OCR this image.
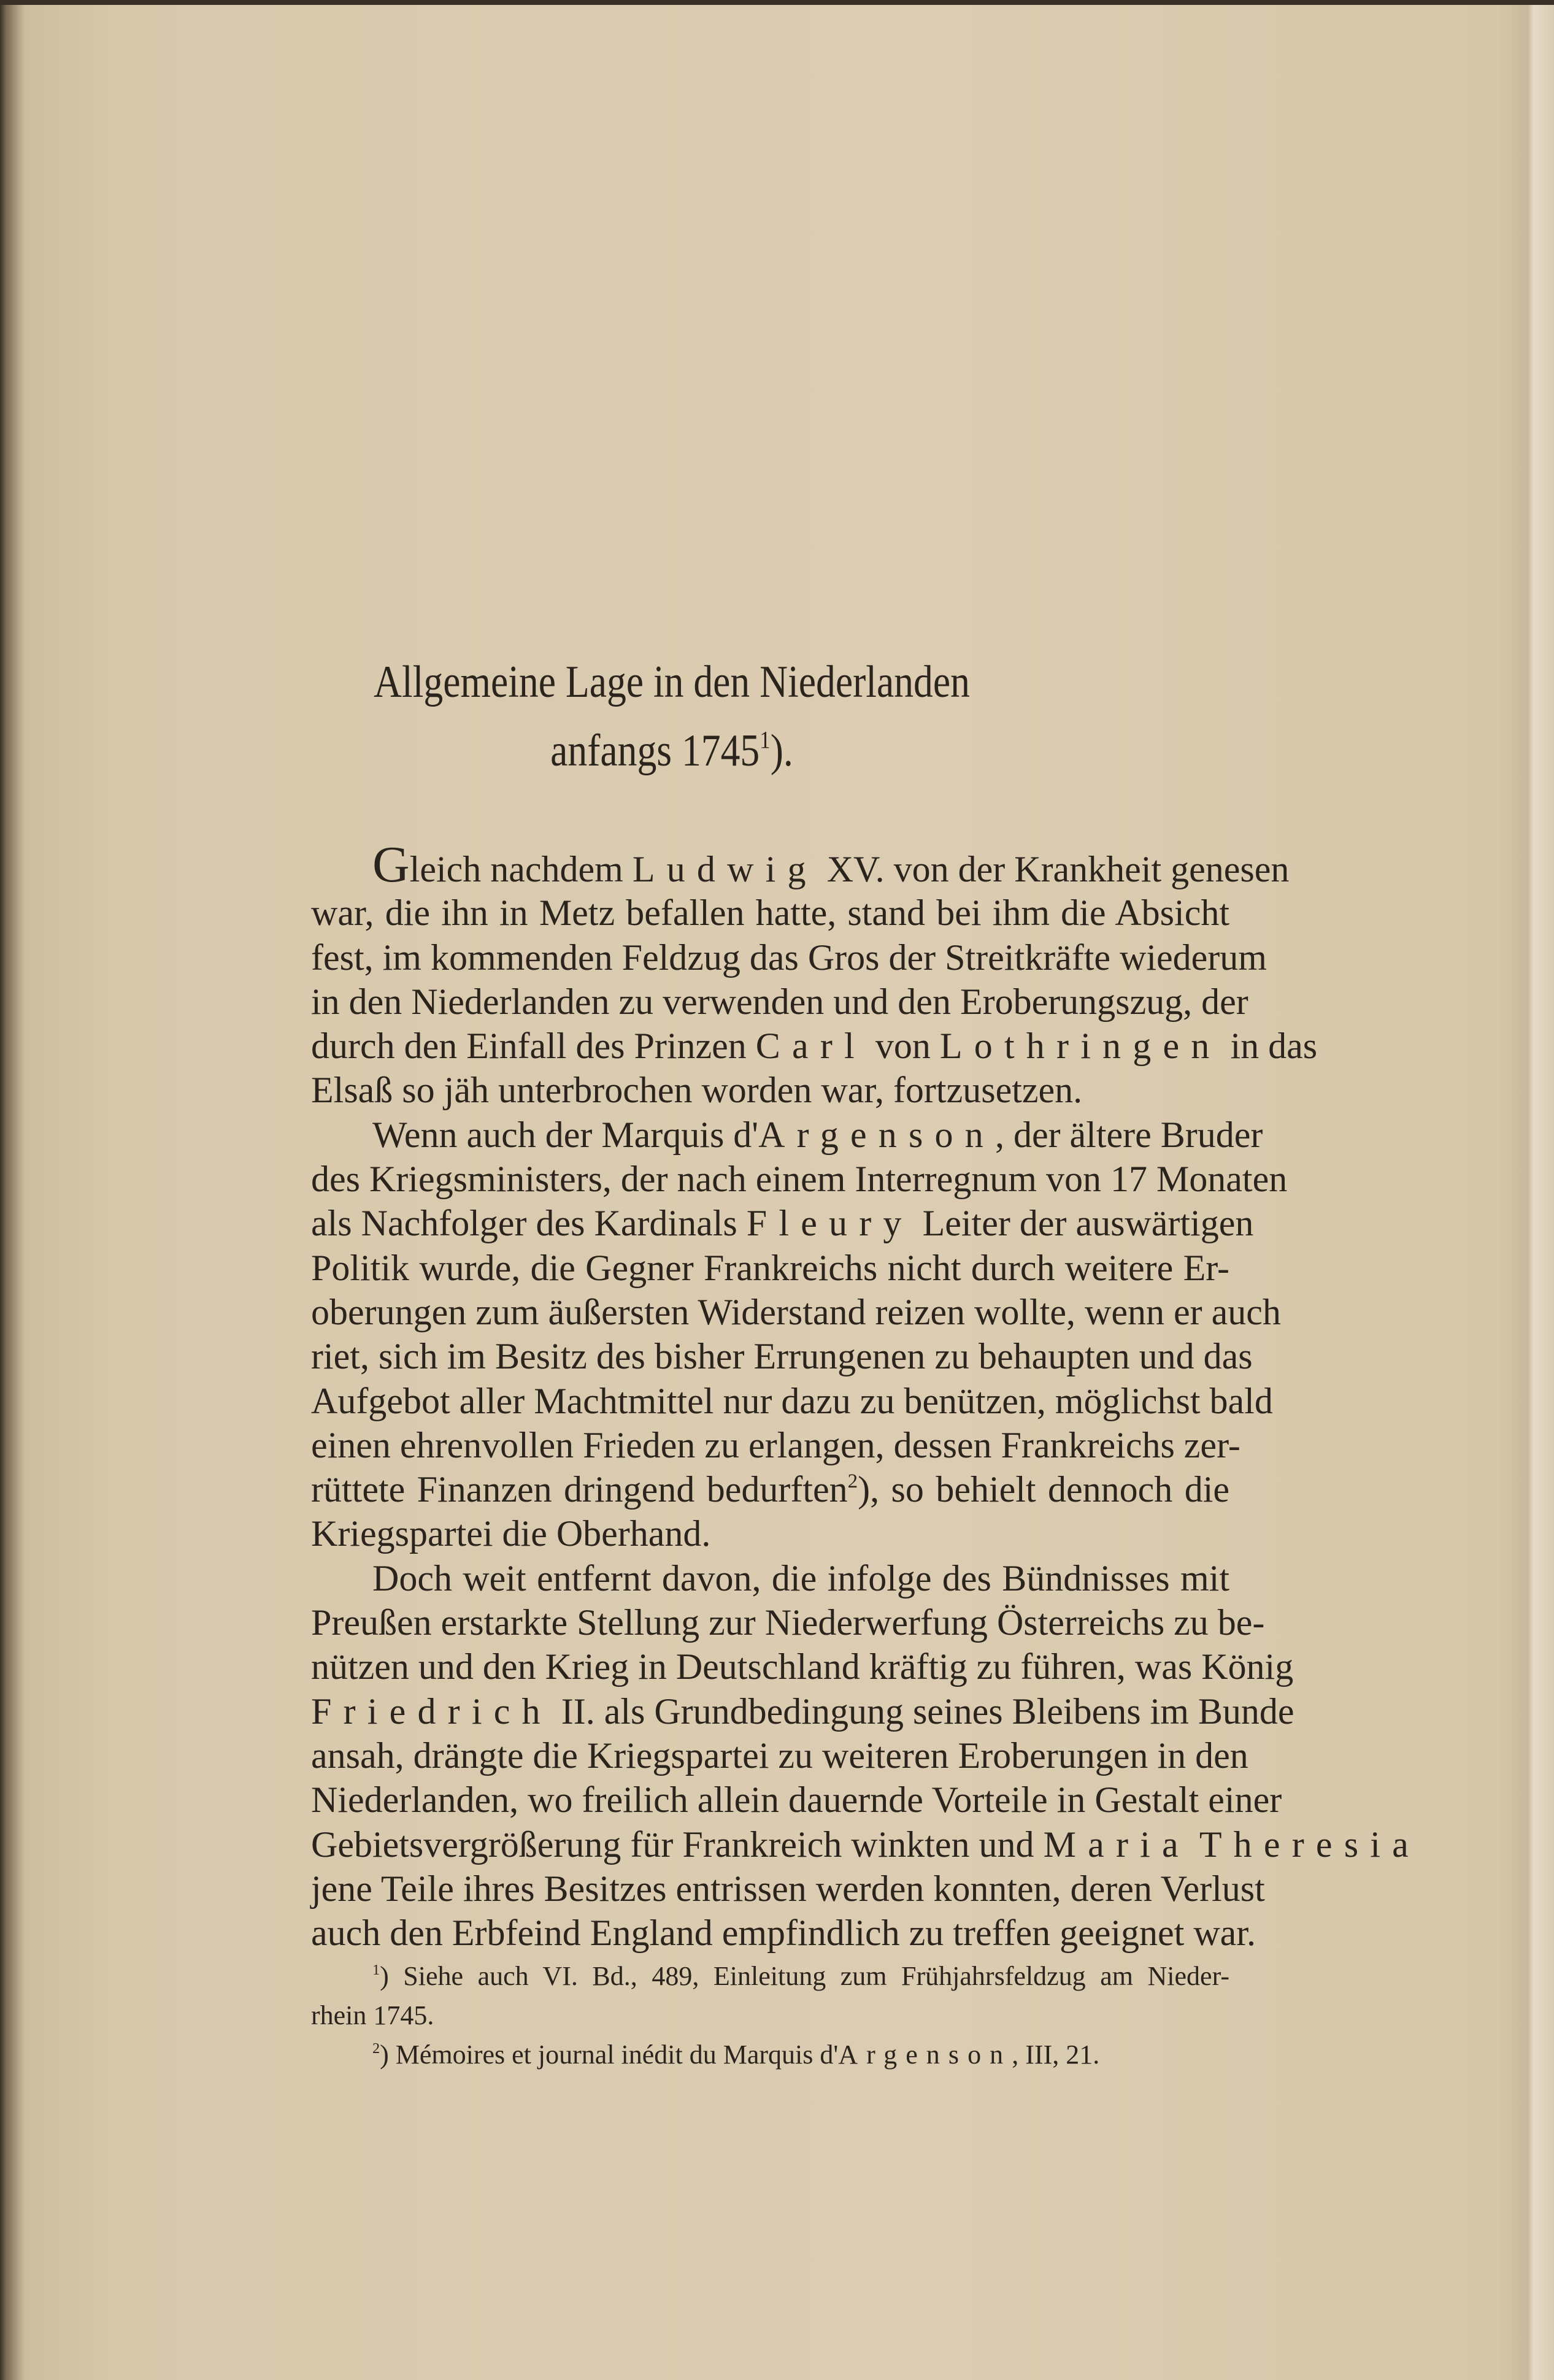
Allgemeine Lage in den Niederlanden
anfangs 1745$^1$).
Gleich nachdem Ludwig XV. von der Krankheit genesen
war, die ihn in Metz befallen hatte, stand bei ihm die Absicht
fest, im kommenden Feldzug das Gros der Streitkräfte wiederum
in den Niederlanden zu verwenden und den Eroberungszug, der
durch den Einfall des Prinzen Carl von Lothringen in das
Elsaß so jäh unterbrochen worden war, fortzusetzen.
Wenn auch der Marquis d'Argenson, der ältere Bruder
des Kriegsministers, der nach einem Interregnum von 17 Monaten
als Nachfolger des Kardinals Fleury Leiter der auswärtigen
Politik wurde, die Gegner Frankreichs nicht durch weitere Er-
oberungen zum äußersten Widerstand reizen wollte, wenn er auch
riet, sich im Besitz des bisher Errungenen zu behaupten und das
Aufgebot aller Machtmittel nur dazu zu benützen, möglichst bald
einen ehrenvollen Frieden zu erlangen, dessen Frankreichs zer-
rüttete Finanzen dringend bedurften$^2$), so behielt dennoch die
Kriegspartei die Oberhand.
Doch weit entfernt davon, die infolge des Bündnisses mit
Preußen erstarkte Stellung zur Niederwerfung Österreichs zu be-
nützen und den Krieg in Deutschland kräftig zu führen, was König
Friedrich II. als Grundbedingung seines Bleibens im Bunde
ansah, drängte die Kriegspartei zu weiteren Eroberungen in den
Niederlanden, wo freilich allein dauernde Vorteile in Gestalt einer
Gebietsvergrößerung für Frankreich winkten und Maria Theresia
jene Teile ihres Besitzes entrissen werden konnten, deren Verlust
auch den Erbfeind England empfindlich zu treffen geeignet war.
$^1$) Siehe auch VI. Bd., 489, Einleitung zum Frühjahrsfeldzug am Nieder-
rhein 1745.
$^2$) Mémoires et journal inédit du Marquis d'Argenson, III, 21.
